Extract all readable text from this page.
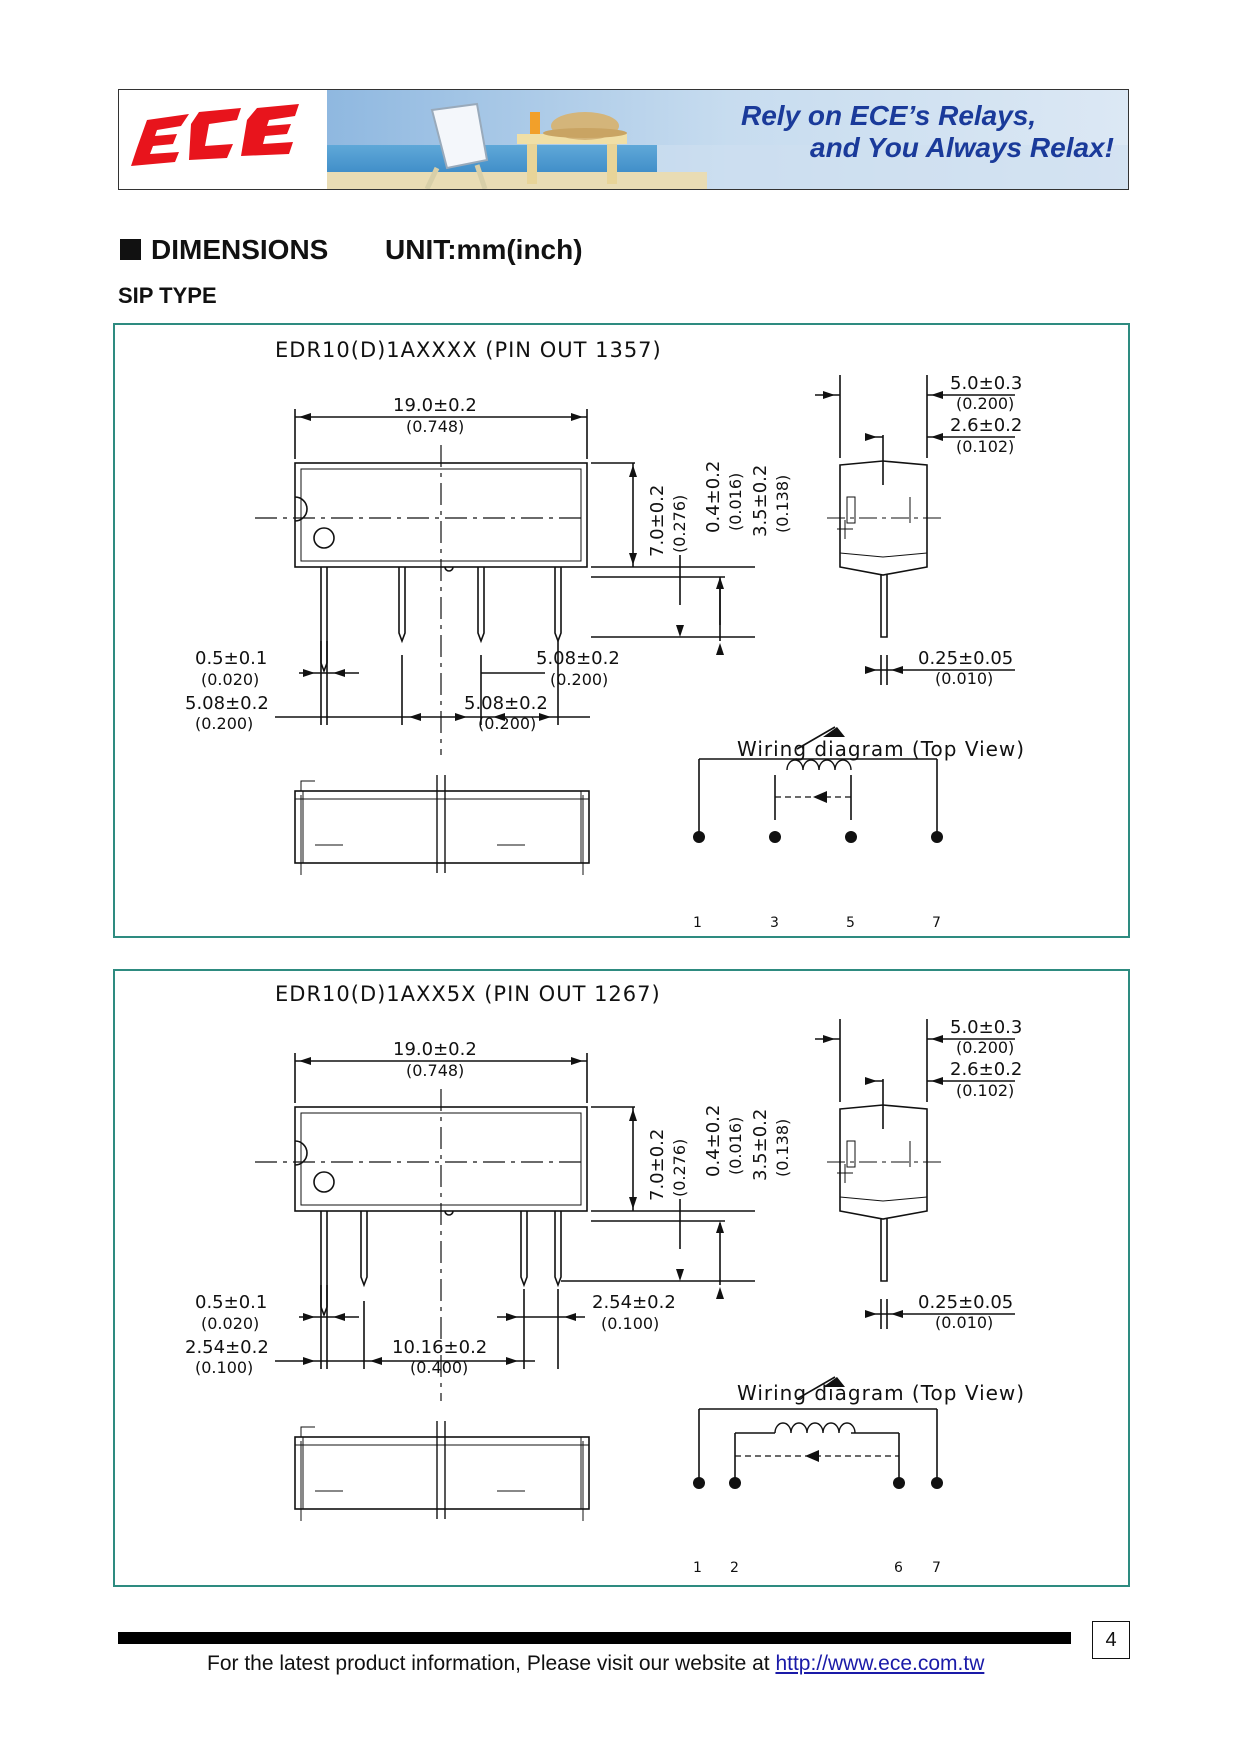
Rely on ECE’s Relays,
and You Always Relax!
DIMENSIONS UNIT:mm(inch)
SIP TYPE
EDR10(D)1AXXXX (PIN OUT 1357)
19.0±0.2
(0.748)
7.0±0.2 (0.276) 0.4±0.2 (0.016) 3.5±0.2 (0.138)
5.0±0.3
(0.200)
2.6±0.2
(0.102)
0.5±0.1
(0.020)
5.08±0.2
(0.200)
5.08±0.2
(0.200)
5.08±0.2
(0.200)
0.25±0.05
(0.010)
Wiring diagram (Top View)
1	3	5	7
EDR10(D)1AXX5X (PIN OUT 1267)
19.0±0.2
(0.748)
7.0±0.2 (0.276) 0.4±0.2 (0.016) 3.5±0.2 (0.138)
5.0±0.3
(0.200)
2.6±0.2
(0.102)
0.5±0.1
(0.020)
2.54±0.2
(0.100)
2.54±0.2
(0.100)
10.16±0.2
(0.400)
0.25±0.05
(0.010)
Wiring diagram (Top View)
1 2	6 7
4
For the latest product information, Please visit our website at http://www.ece.com.tw
